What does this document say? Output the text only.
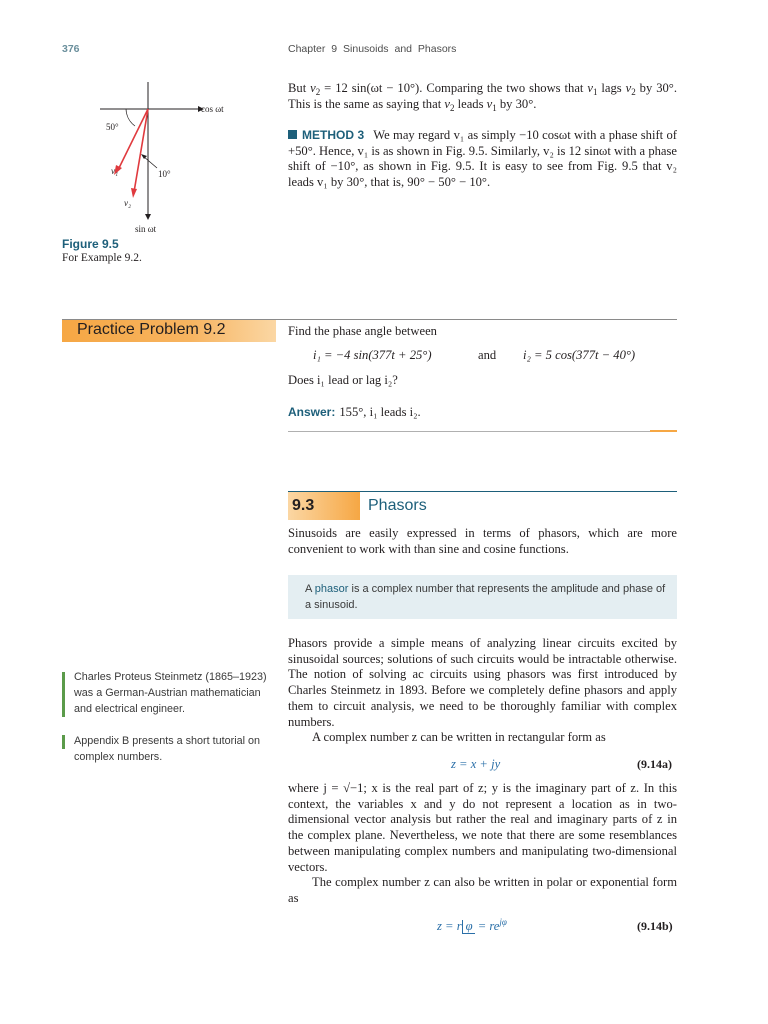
376	Chapter 9 Sinusoids and Phasors
cos ωt
sin ωt
50°
10°
v₁
v₂
Figure 9.5
For Example 9.2.
But $v_2 = 12$ sin(ωt − 10°). Comparing the two shows that $v_1$ lags $v_2$ by 30°. This is the same as saying that $v_2$ leads $v_1$ by 30°.
METHOD 3 We may regard v₁ as simply −10 cosωt with a phase shift of +50°. Hence, v₁ is as shown in Fig. 9.5. Similarly, v₂ is 12 sinωt with a phase shift of −10°, as shown in Fig. 9.5. It is easy to see from Fig. 9.5 that v₂ leads v₁ by 30°, that is, 90° − 50° − 10°.
Practice Problem 9.2	Find the phase angle between
i₁ = −4 sin(377t + 25°)	and i₂ = 5 cos(377t − 40°)
Does i₁ lead or lag i₂?
Answer: 155°, i₁ leads i₂.
9.3	Phasors
Sinusoids are easily expressed in terms of phasors, which are more convenient to work with than sine and cosine functions.
A phasor is a complex number that represents the amplitude and phase of a sinusoid.
Phasors provide a simple means of analyzing linear circuits excited by sinusoidal sources; solutions of such circuits would be intractable otherwise. The notion of solving ac circuits using phasors was first introduced by Charles Steinmetz in 1893. Before we completely define phasors and apply them to circuit analysis, we need to be thoroughly familiar with complex numbers.
A complex number z can be written in rectangular form as
z = x + jy	(9.14a)
where j = √−1; x is the real part of z; y is the imaginary part of z. In this context, the variables x and y do not represent a location as in two-dimensional vector analysis but rather the real and imaginary parts of z in the complex plane. Nevertheless, we note that there are some resemblances between manipulating complex numbers and manipulating two-dimensional vectors.
The complex number z can also be written in polar or exponential form as
z = r $\varphi = re^{j\varphi}$	(9.14b)
Charles Proteus Steinmetz (1865–1923) was a German-Austrian mathematician and electrical engineer.
Appendix B presents a short tutorial on complex numbers.
